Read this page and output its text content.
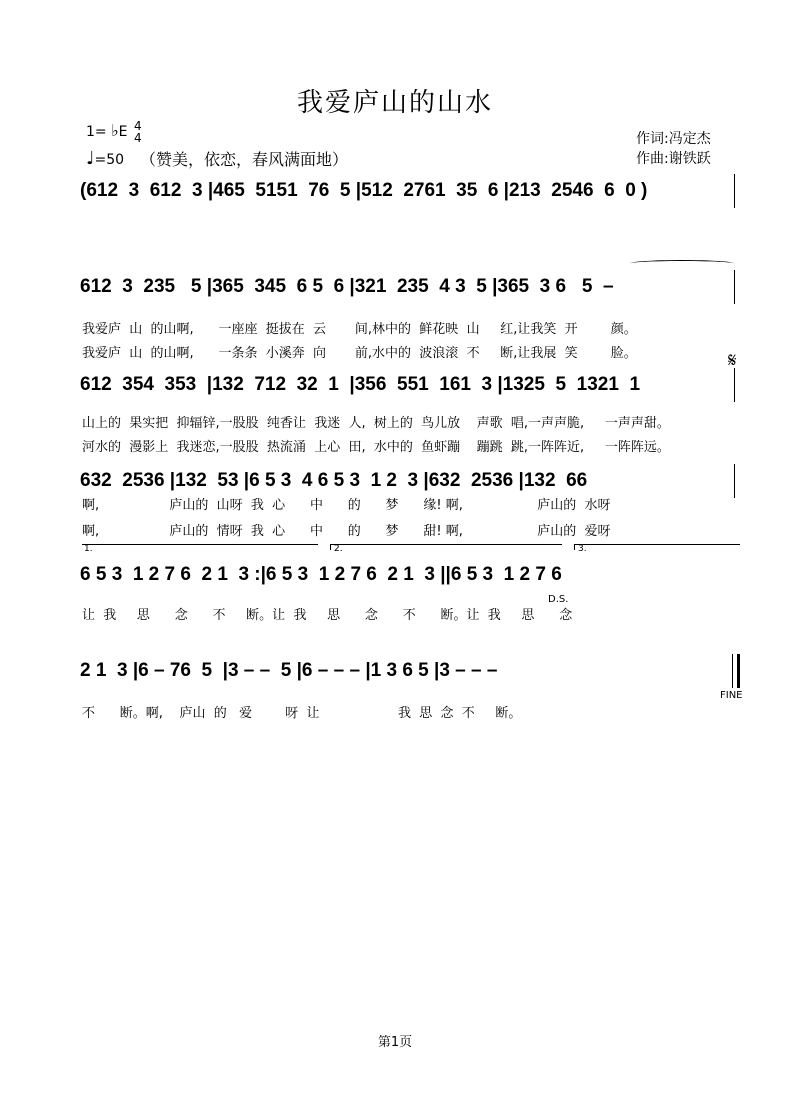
我爱庐山的山水
1= ♭E 4
4
♩=50 （赞美，依恋，春风满面地）
作词:冯定杰
作曲:谢铁跃
(612  3  612  3 |465  5151  76  5 |512  2761  35  6 |213  2546  6  0 )
612  3  235   5 |365  345  6 5  6 |321  235  4 3  5 |365  3 6   5  –
我爱庐  山  的山啊,      一座座  挺拔在  云       间,林中的  鲜花映  山     红,让我笑  开        颜。
我爱庐  山  的山啊,      一条条  小溪奔  向       前,水中的  波浪滚  不     断,让我展  笑        脸。	𝄋
612  354  353  |132  712  32  1  |356  551  161  3 |1325  5  1321  1
山上的  果实把  抑辐锌,一股股  纯香让  我迷  人,  树上的  鸟儿放    声歌  唱,一声声脆,     一声声甜。
河水的  漫影上  我迷恋,一股股  热流涌  上心  田,  水中的  鱼虾蹦    蹦跳  跳,一阵阵近,     一阵阵远。
632  2536 |132  53 |6 5 3  4 6 5 3  1 2  3 |632  2536 |132  66
啊,                 庐山的  山呀  我  心      中      的      梦      缘! 啊,                  庐山的  水呀
啊,                 庐山的  情呀  我  心      中      的      梦      甜! 啊,                  庐山的  爱呀
1.	2.	3.
6 5 3  1 2 7 6  2 1  3 :|6 5 3  1 2 7 6  2 1  3 ||6 5 3  1 2 7 6
D.S.
让  我     思      念      不     断。让  我     思      念      不      断。让  我     思      念
2 1  3 |6 – 76  5  |3 – –  5 |6 – – – |1 3 6 5 |3 – – –
FINE
不      断。啊,    庐山  的   爱        呀  让                   我  思  念  不     断。
第1页
